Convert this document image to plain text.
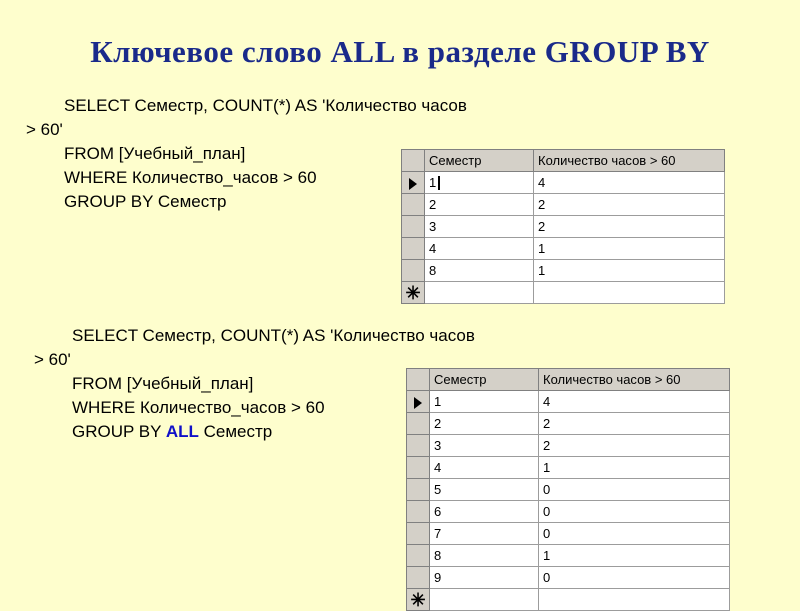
Ключевое слово ALL в разделе GROUP BY
SELECT Семестр, COUNT(*) AS 'Количество часов
> 60'
FROM [Учебный_план]
WHERE Количество_часов > 60
GROUP BY Семестр
SELECT Семестр, COUNT(*) AS 'Количество часов
> 60'
FROM [Учебный_план]
WHERE Количество_часов > 60
GROUP BY ALL Семестр
	Семестр	Количество часов > 60
	1	4
	2	2
	3	2
	4	1
	8	1
✳		
	Семестр	Количество часов > 60
	1	4
	2	2
	3	2
	4	1
	5	0
	6	0
	7	0
	8	1
	9	0
✳		
